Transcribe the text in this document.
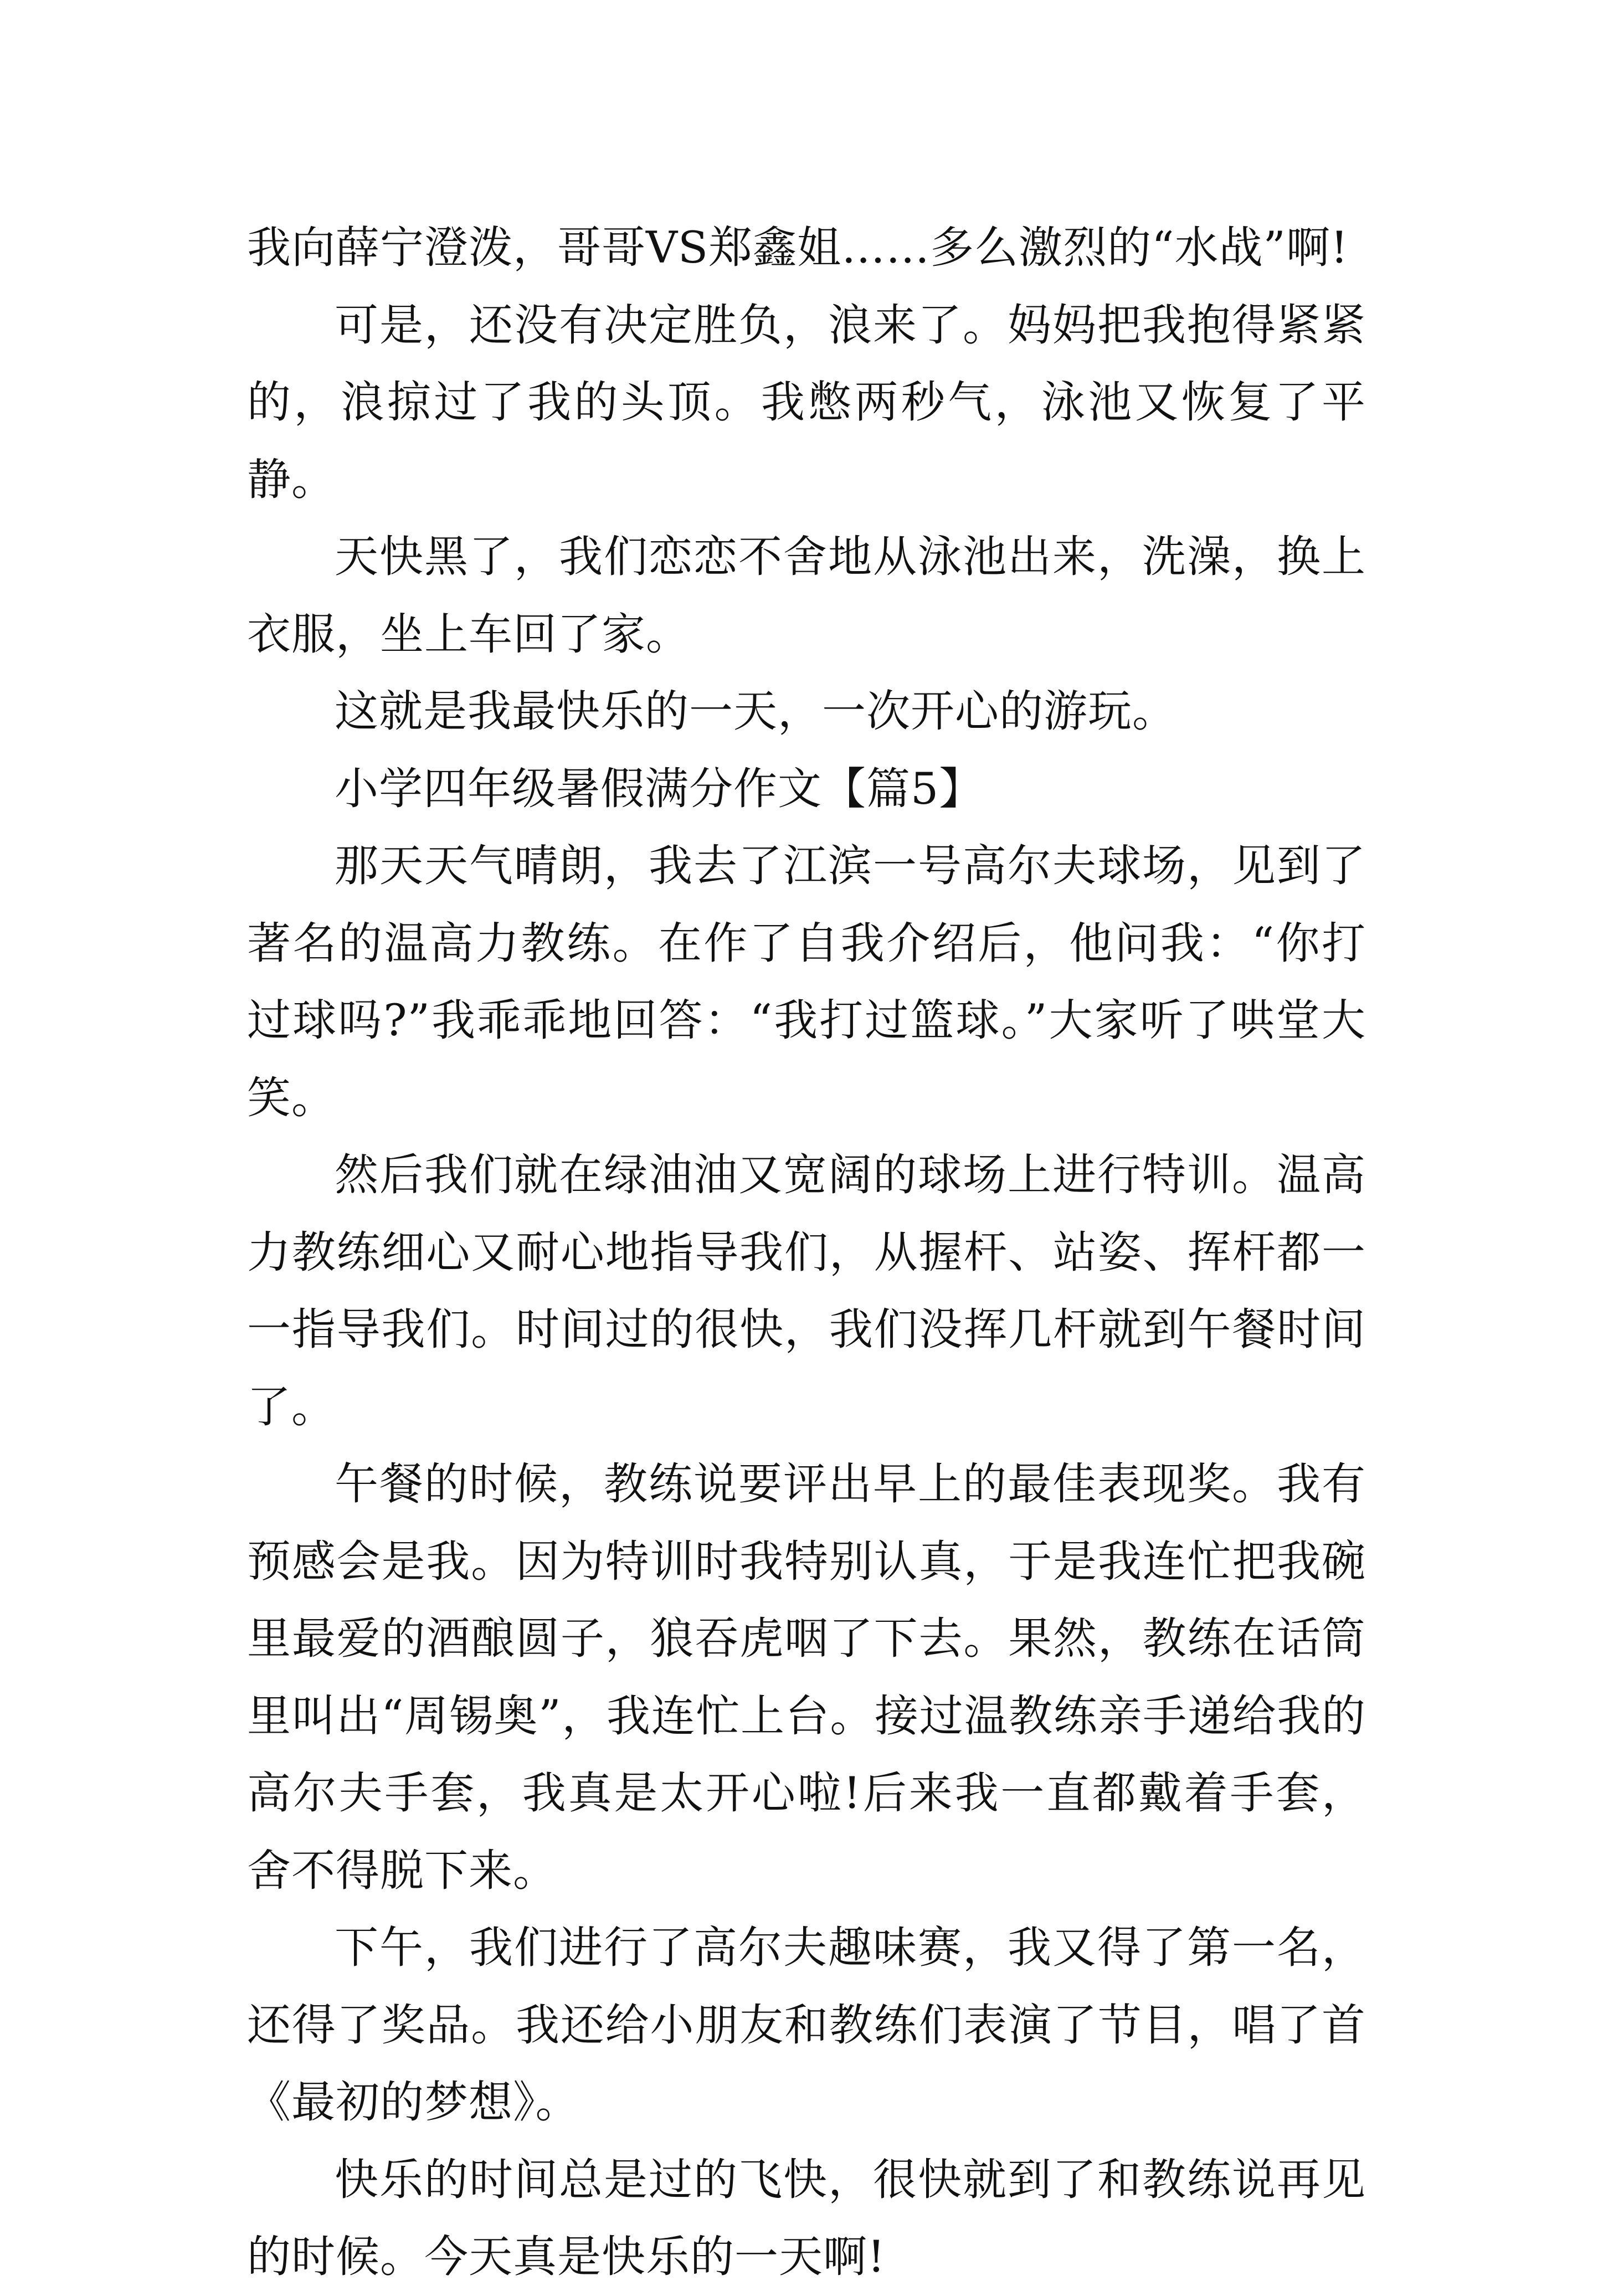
我向薛宁澄泼，哥哥VS郑鑫姐……多么激烈的“水战”啊!

可是，还没有决定胜负，浪来了。妈妈把我抱得紧紧的，浪掠过了我的头顶。我憋两秒气，泳池又恢复了平静。

天快黑了，我们恋恋不舍地从泳池出来，洗澡，换上衣服，坐上车回了家。

这就是我最快乐的一天，一次开心的游玩。

小学四年级暑假满分作文【篇5】

那天天气晴朗，我去了江滨一号高尔夫球场，见到了著名的温高力教练。在作了自我介绍后，他问我：“你打过球吗?”我乖乖地回答：“我打过篮球。”大家听了哄堂大笑。

然后我们就在绿油油又宽阔的球场上进行特训。温高力教练细心又耐心地指导我们，从握杆、站姿、挥杆都一一指导我们。时间过的很快，我们没挥几杆就到午餐时间了。

午餐的时候，教练说要评出早上的最佳表现奖。我有预感会是我。因为特训时我特别认真，于是我连忙把我碗里最爱的酒酿圆子，狼吞虎咽了下去。果然，教练在话筒里叫出“周锡奥”，我连忙上台。接过温教练亲手递给我的高尔夫手套，我真是太开心啦!后来我一直都戴着手套，舍不得脱下来。

下午，我们进行了高尔夫趣味赛，我又得了第一名，还得了奖品。我还给小朋友和教练们表演了节目，唱了首《最初的梦想》。

快乐的时间总是过的飞快，很快就到了和教练说再见的时候。今天真是快乐的一天啊!
